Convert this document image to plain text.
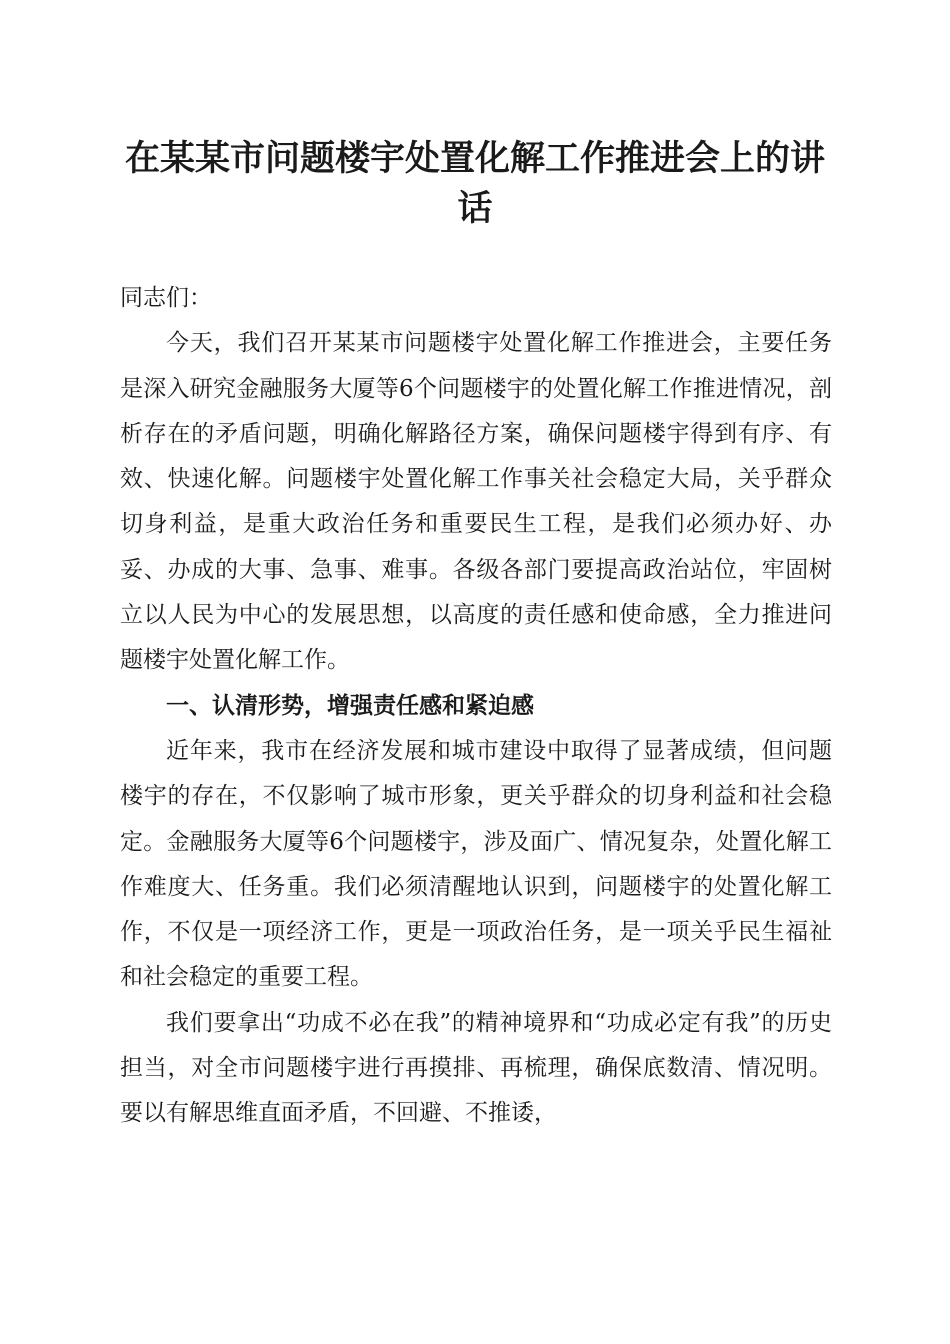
在某某市问题楼宇处置化解工作推进会上的讲话

同志们：

今天，我们召开某某市问题楼宇处置化解工作推进会，主要任务是深入研究金融服务大厦等6个问题楼宇的处置化解工作推进情况，剖析存在的矛盾问题，明确化解路径方案，确保问题楼宇得到有序、有效、快速化解。问题楼宇处置化解工作事关社会稳定大局，关乎群众切身利益，是重大政治任务和重要民生工程，是我们必须办好、办妥、办成的大事、急事、难事。各级各部门要提高政治站位，牢固树立以人民为中心的发展思想，以高度的责任感和使命感，全力推进问题楼宇处置化解工作。

一、认清形势，增强责任感和紧迫感

近年来，我市在经济发展和城市建设中取得了显著成绩，但问题楼宇的存在，不仅影响了城市形象，更关乎群众的切身利益和社会稳定。金融服务大厦等6个问题楼宇，涉及面广、情况复杂，处置化解工作难度大、任务重。我们必须清醒地认识到，问题楼宇的处置化解工作，不仅是一项经济工作，更是一项政治任务，是一项关乎民生福祉和社会稳定的重要工程。

我们要拿出“功成不必在我”的精神境界和“功成必定有我”的历史担当，对全市问题楼宇进行再摸排、再梳理，确保底数清、情况明。要以有解思维直面矛盾，不回避、不推诿，
